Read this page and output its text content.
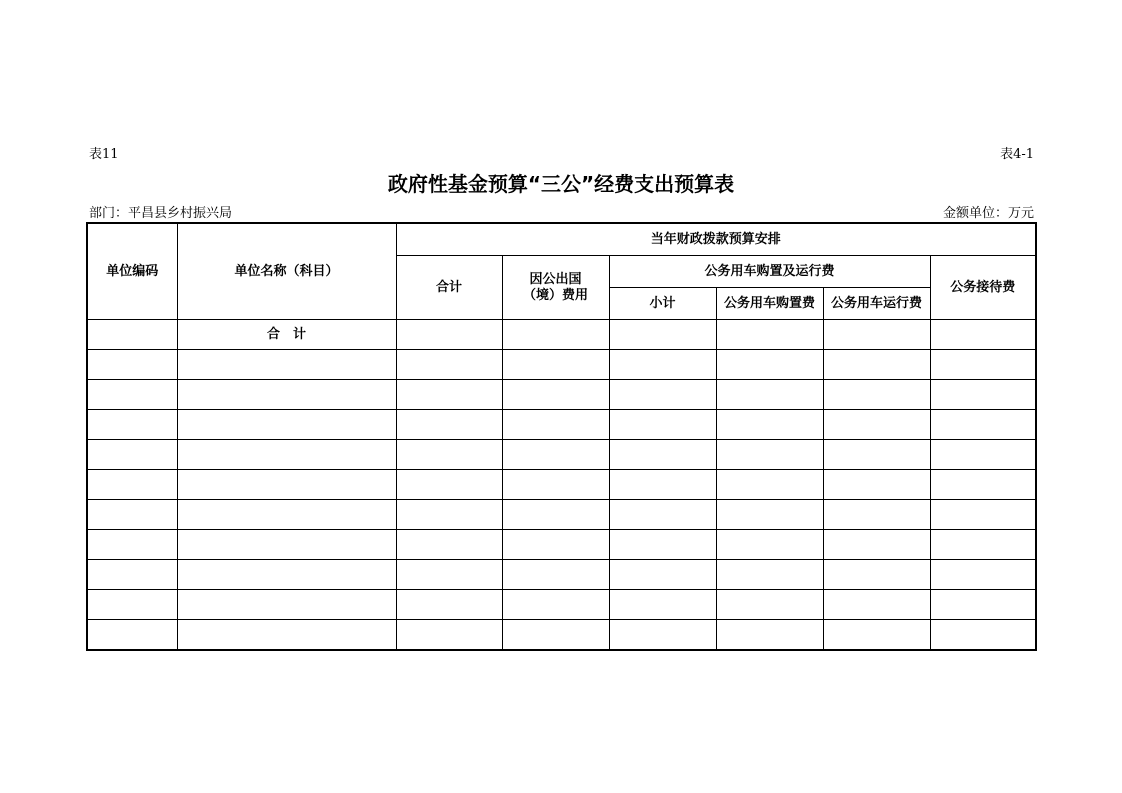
表11	表4-1
政府性基金预算“三公”经费支出预算表
部门：平昌县乡村振兴局	金额单位：万元
单位编码	单位名称（科目）	当年财政拨款预算安排					
		合计	因公出国（境）费用	公务用车购置及运行费			公务接待费
				小计	公务用车购置费	公务用车运行费	
	合　计						
